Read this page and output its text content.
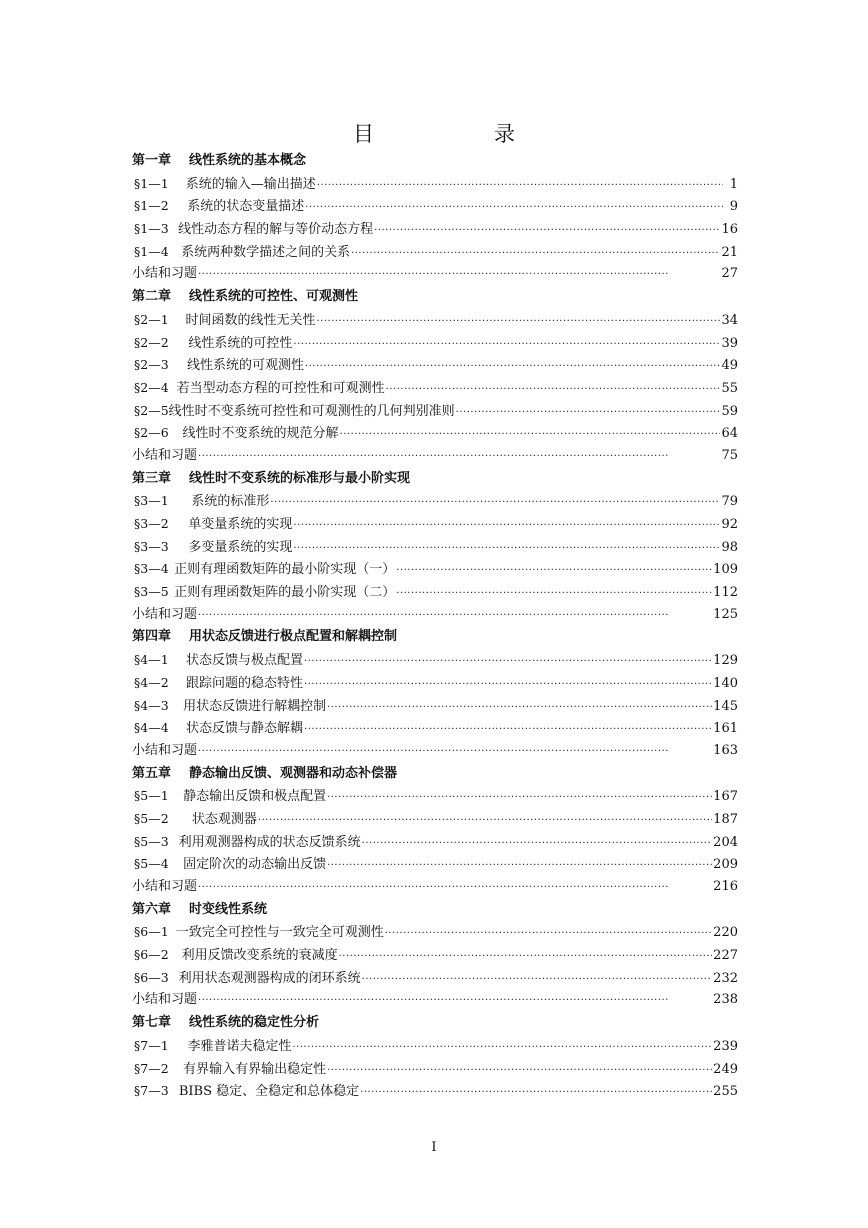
目	录
第一章 线性系统的基本概念
§1—1	系统的输入—输出描述 ·····	1
§1—2	系统的状态变量描述 ·····	9
§1—3 线性动态方程的解与等价动态方程 ·····	16
§1—4 系统两种数学描述之间的关系 ·····	21
小结和习题 ·····	27
第二章 线性系统的可控性、可观测性
§2—1	时间函数的线性无关性 ·····	34
§2—2	线性系统的可控性 ·····	39
§2—3	线性系统的可观测性 ·····	49
§2—4 若当型动态方程的可控性和可观测性 ·····	55
§2—5 线性时不变系统可控性和可观测性的几何判别准则 ·····	59
§2—6	线性时不变系统的规范分解 ·····	64
小结和习题 ·····	75
第三章 线性时不变系统的标准形与最小阶实现
§3—1	系统的标准形 ·····	79
§3—2	单变量系统的实现 ·····	92
§3—3	多变量系统的实现 ·····	98
§3—4 正则有理函数矩阵的最小阶实现（一） ·····	109
§3—5 正则有理函数矩阵的最小阶实现（二） ·····	112
小结和习题 ·····	125
第四章 用状态反馈进行极点配置和解耦控制
§4—1	状态反馈与极点配置 ·····	129
§4—2	跟踪问题的稳态特性 ·····	140
§4—3	用状态反馈进行解耦控制 ·····	145
§4—4	状态反馈与静态解耦 ·····	161
小结和习题 ·····	163
第五章 静态输出反馈、观测器和动态补偿器
§5—1	静态输出反馈和极点配置 ·····	167
§5—2	状态观测器 ·····	187
§5—3 利用观测器构成的状态反馈系统 ·····	204
§5—4	固定阶次的动态输出反馈 ·····	209
小结和习题 ·····	216
第六章 时变线性系统
§6—1 一致完全可控性与一致完全可观测性 ·····	220
§6—2 利用反馈改变系统的衰减度 ·····	227
§6—3 利用状态观测器构成的闭环系统 ·····	232
小结和习题 ·····	238
第七章 线性系统的稳定性分析
§7—1	李雅普诺夫稳定性 ·····	239
§7—2	有界输入有界输出稳定性 ·····	249
§7—3 BIBS 稳定、全稳定和总体稳定 ·····	255
I
